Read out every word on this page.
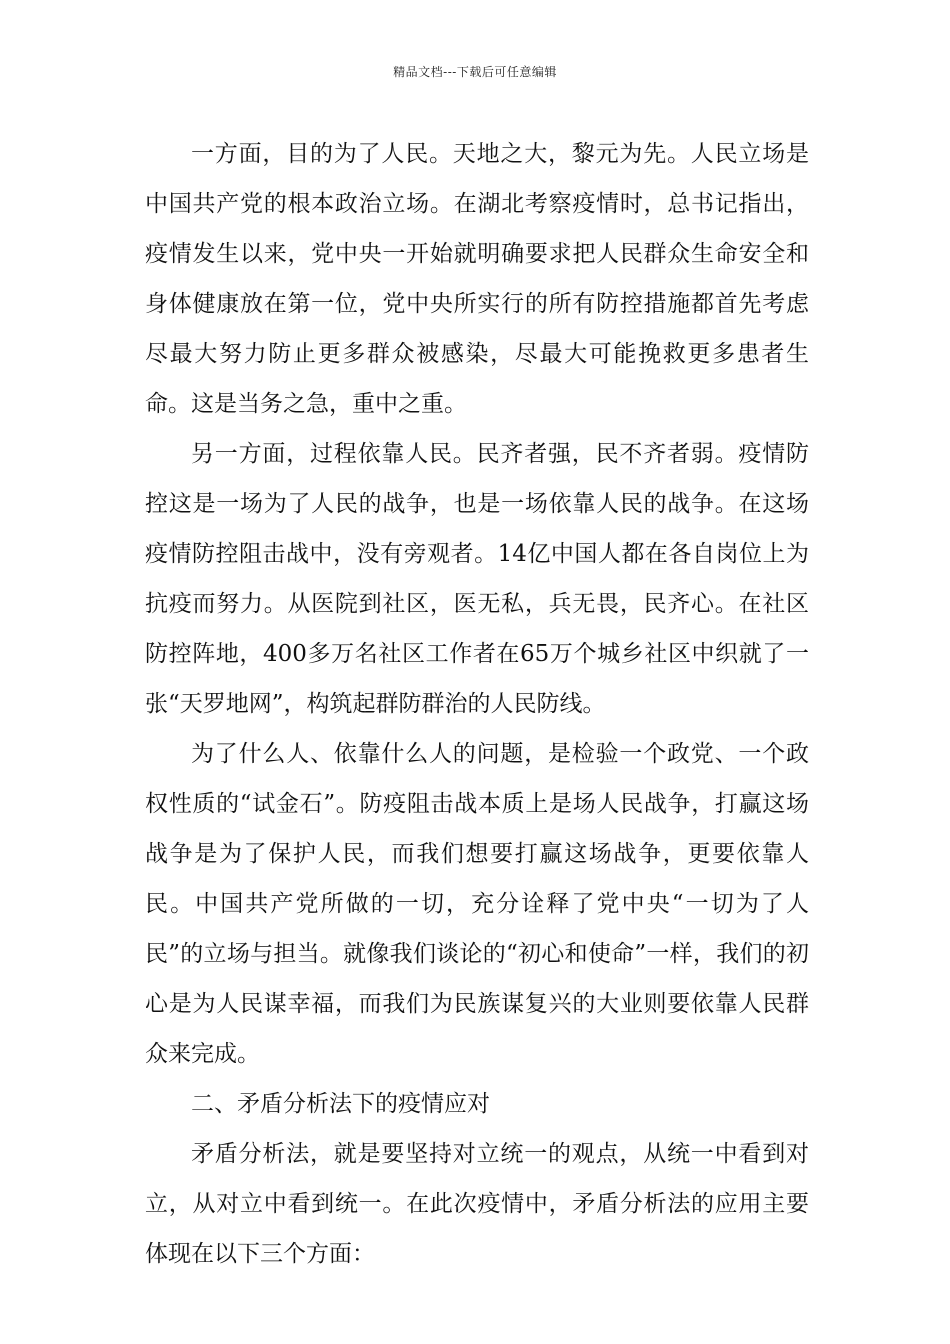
精品文档---下载后可任意编辑

一方面，目的为了人民。天地之大，黎元为先。人民立场是中国共产党的根本政治立场。在湖北考察疫情时，总书记指出，疫情发生以来，党中央一开始就明确要求把人民群众生命安全和身体健康放在第一位，党中央所实行的所有防控措施都首先考虑尽最大努力防止更多群众被感染，尽最大可能挽救更多患者生命。这是当务之急，重中之重。

另一方面，过程依靠人民。民齐者强，民不齐者弱。疫情防控这是一场为了人民的战争，也是一场依靠人民的战争。在这场疫情防控阻击战中，没有旁观者。14亿中国人都在各自岗位上为抗疫而努力。从医院到社区，医无私，兵无畏，民齐心。在社区防控阵地，400多万名社区工作者在65万个城乡社区中织就了一张“天罗地网”，构筑起群防群治的人民防线。

为了什么人、依靠什么人的问题，是检验一个政党、一个政权性质的“试金石”。防疫阻击战本质上是场人民战争，打赢这场战争是为了保护人民，而我们想要打赢这场战争，更要依靠人民。中国共产党所做的一切，充分诠释了党中央“一切为了人民”的立场与担当。就像我们谈论的“初心和使命”一样，我们的初心是为人民谋幸福，而我们为民族谋复兴的大业则要依靠人民群众来完成。

二、矛盾分析法下的疫情应对

矛盾分析法，就是要坚持对立统一的观点，从统一中看到对立，从对立中看到统一。在此次疫情中，矛盾分析法的应用主要体现在以下三个方面：
